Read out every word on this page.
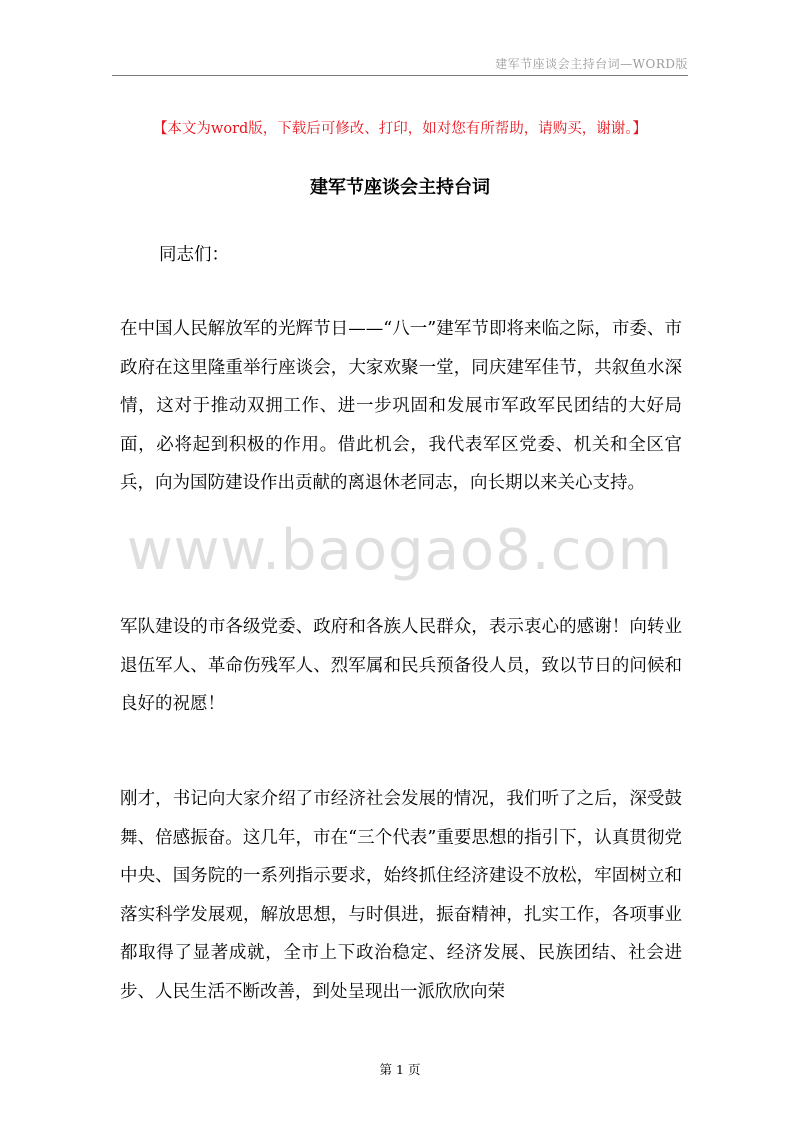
建军节座谈会主持台词—WORD版
【本文为word版，下载后可修改、打印，如对您有所帮助，请购买，谢谢。】
建军节座谈会主持台词
同志们：

在中国人民解放军的光辉节日——“八一”建军节即将来临之际，市委、市政府在这里隆重举行座谈会，大家欢聚一堂，同庆建军佳节，共叙鱼水深情，这对于推动双拥工作、进一步巩固和发展市军政军民团结的大好局面，必将起到积极的作用。借此机会，我代表军区党委、机关和全区官兵，向为国防建设作出贡献的离退休老同志，向长期以来关心支持。

军队建设的市各级党委、政府和各族人民群众，表示衷心的感谢！向转业退伍军人、革命伤残军人、烈军属和民兵预备役人员，致以节日的问候和良好的祝愿！

刚才，书记向大家介绍了市经济社会发展的情况，我们听了之后，深受鼓舞、倍感振奋。这几年，市在“三个代表”重要思想的指引下，认真贯彻党中央、国务院的一系列指示要求，始终抓住经济建设不放松，牢固树立和落实科学发展观，解放思想，与时俱进，振奋精神，扎实工作，各项事业都取得了显著成就，全市上下政治稳定、经济发展、民族团结、社会进步、人民生活不断改善，到处呈现出一派欣欣向荣

www.baogao8.com
第 1 页
